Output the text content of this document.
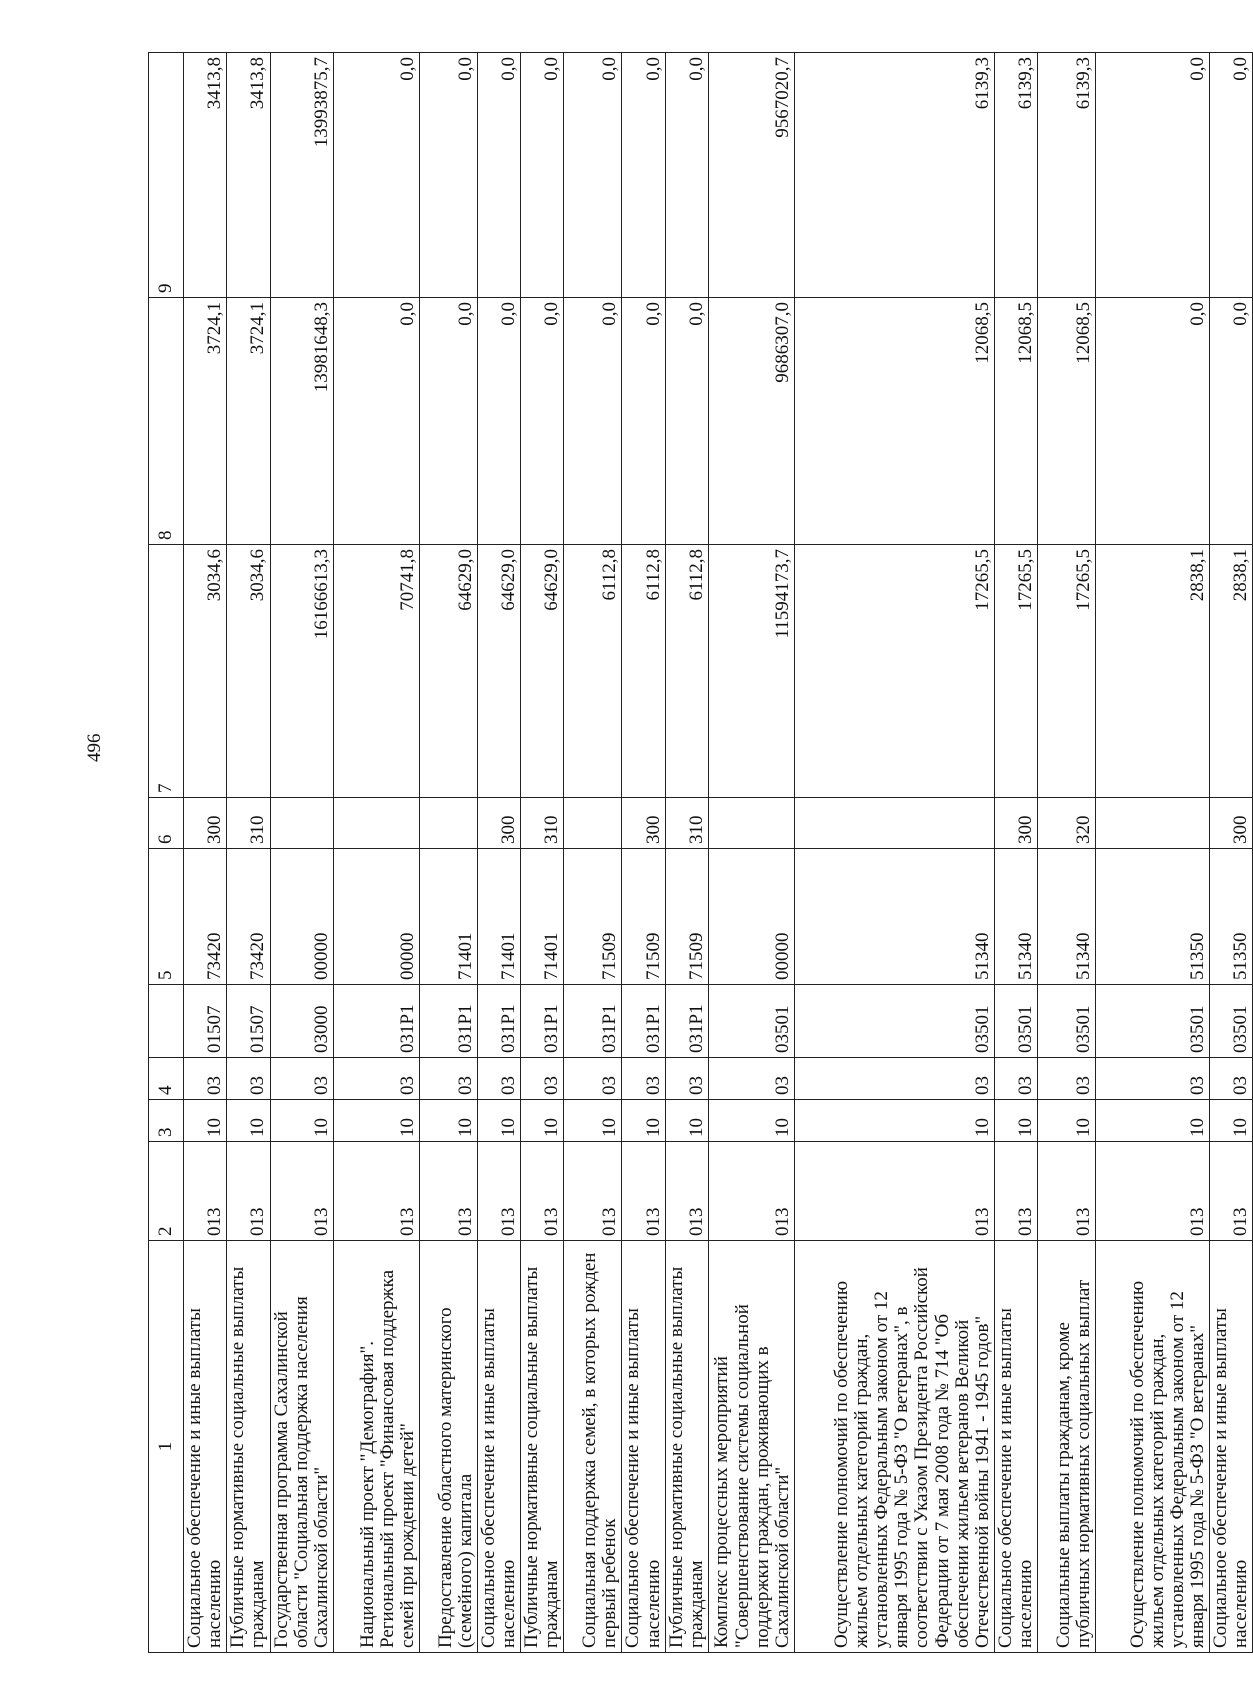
496
1	2	3	4		5	6	7	8	9
Социальное обеспечение и иные выплаты населению	013	10	03	01507	73420	300	3034,6	3724,1	3413,8
Публичные нормативные социальные выплаты гражданам	013	10	03	01507	73420	310	3034,6	3724,1	3413,8
Государственная программа Сахалинской области "Социальная поддержка населения Сахалинской области"	013	10	03	03000	00000		16166613,3	13981648,3	13993875,7
Национальный проект "Демография". Региональный проект "Финансовая поддержка семей при рождении детей"	013	10	03	031P1	00000		70741,8	0,0	0,0
Предоставление областного материнского (семейного) капитала	013	10	03	031P1	71401		64629,0	0,0	0,0
Социальное обеспечение и иные выплаты населению	013	10	03	031P1	71401	300	64629,0	0,0	0,0
Публичные нормативные социальные выплаты гражданам	013	10	03	031P1	71401	310	64629,0	0,0	0,0
Социальная поддержка семей, в которых рожден первый ребенок	013	10	03	031P1	71509		6112,8	0,0	0,0
Социальное обеспечение и иные выплаты населению	013	10	03	031P1	71509	300	6112,8	0,0	0,0
Публичные нормативные социальные выплаты гражданам	013	10	03	031P1	71509	310	6112,8	0,0	0,0
Комплекс процессных мероприятий "Совершенствование системы социальной поддержки граждан, проживающих в Сахалинской области"	013	10	03	03501	00000		11594173,7	9686307,0	9567020,7
Осуществление полномочий по обеспечению жильем отдельных категорий граждан, установленных Федеральным законом от 12 января 1995 года № 5-ФЗ "О ветеранах", в соответствии с Указом Президента Российской Федерации от 7 мая 2008 года № 714 "Об обеспечении жильем ветеранов Великой Отечественной войны 1941 - 1945 годов"	013	10	03	03501	51340		17265,5	12068,5	6139,3
Социальное обеспечение и иные выплаты населению	013	10	03	03501	51340	300	17265,5	12068,5	6139,3
Социальные выплаты гражданам, кроме публичных нормативных социальных выплат	013	10	03	03501	51340	320	17265,5	12068,5	6139,3
Осуществление полномочий по обеспечению жильем отдельных категорий граждан, установленных Федеральным законом от 12 января 1995 года № 5-ФЗ "О ветеранах"	013	10	03	03501	51350		2838,1	0,0	0,0
Социальное обеспечение и иные выплаты населению	013	10	03	03501	51350	300	2838,1	0,0	0,0
